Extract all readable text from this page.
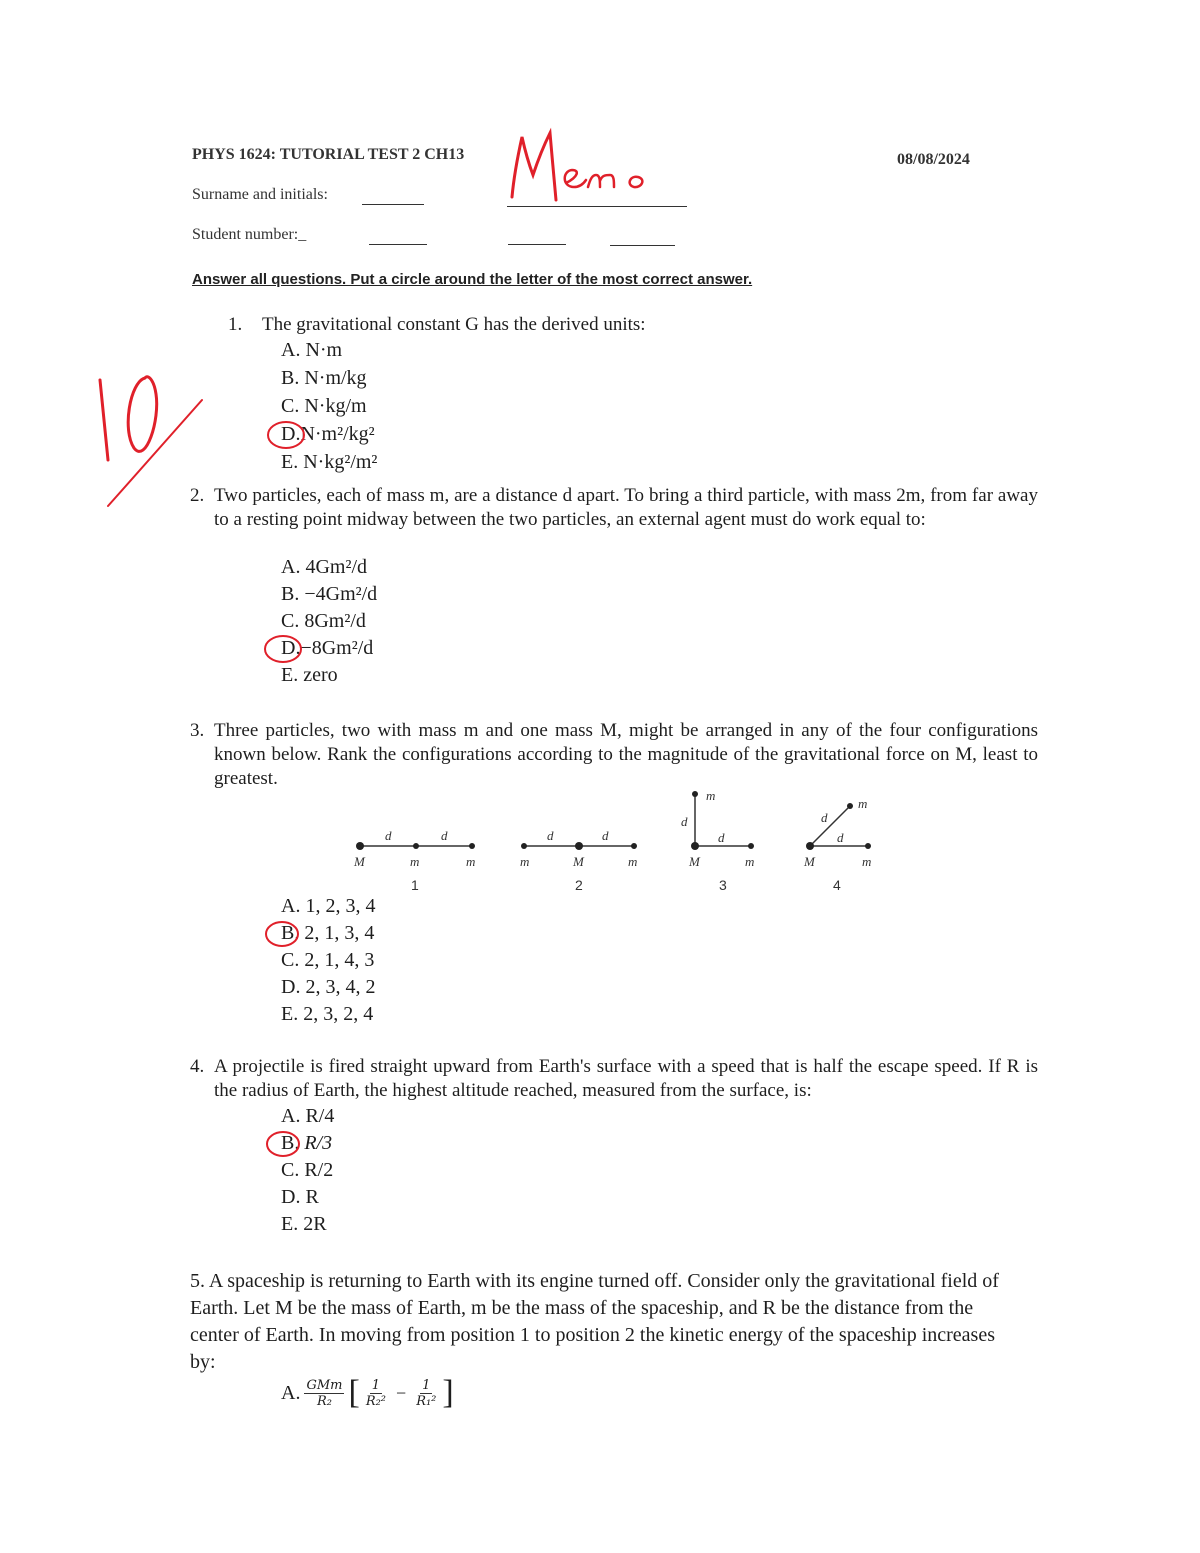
PHYS 1624: TUTORIAL TEST 2 CH13	08/08/2024
Surname and initials:
Student number:_
Answer all questions. Put a circle around the letter of the most correct answer.
1. The gravitational constant G has the derived units:
A. N·m
B. N·m/kg
C. N·kg/m
D.N·m²/kg²
E. N·kg²/m²
2. Two particles, each of mass m, are a distance d apart. To bring a third particle, with mass 2m, from far away to a resting point midway between the two particles, an external agent must do work equal to:
A. 4Gm²/d
B. −4Gm²/d
C. 8Gm²/d
D.−8Gm²/d
E. zero
3. Three particles, two with mass m and one mass M, might be arranged in any of the four configurations known below. Rank the configurations according to the magnitude of the gravitational force on M, least to greatest.
d	d
M	m	m
1
d	d
m	M	m
2
d
d
m
M	m
3
d
d
m
M	m
4
A. 1, 2, 3, 4
B. 2, 1, 3, 4
C. 2, 1, 4, 3
D. 2, 3, 4, 2
E. 2, 3, 2, 4
4. A projectile is fired straight upward from Earth's surface with a speed that is half the escape speed. If R is the radius of Earth, the highest altitude reached, measured from the surface, is:
A. R/4
B. R/3
C. R/2
D. R
E. 2R
5. A spaceship is returning to Earth with its engine turned off. Consider only the gravitational field of Earth. Let M be the mass of Earth, m be the mass of the spaceship, and R be the distance from the center of Earth. In moving from position 1 to position 2 the kinetic energy of the spaceship increases by:
A. $\frac{\text{GMm}}{\text{R₂}}$ [ $\frac{1}{\text{R₂²}} - \frac{1}{\text{R₁²}}$ ]
